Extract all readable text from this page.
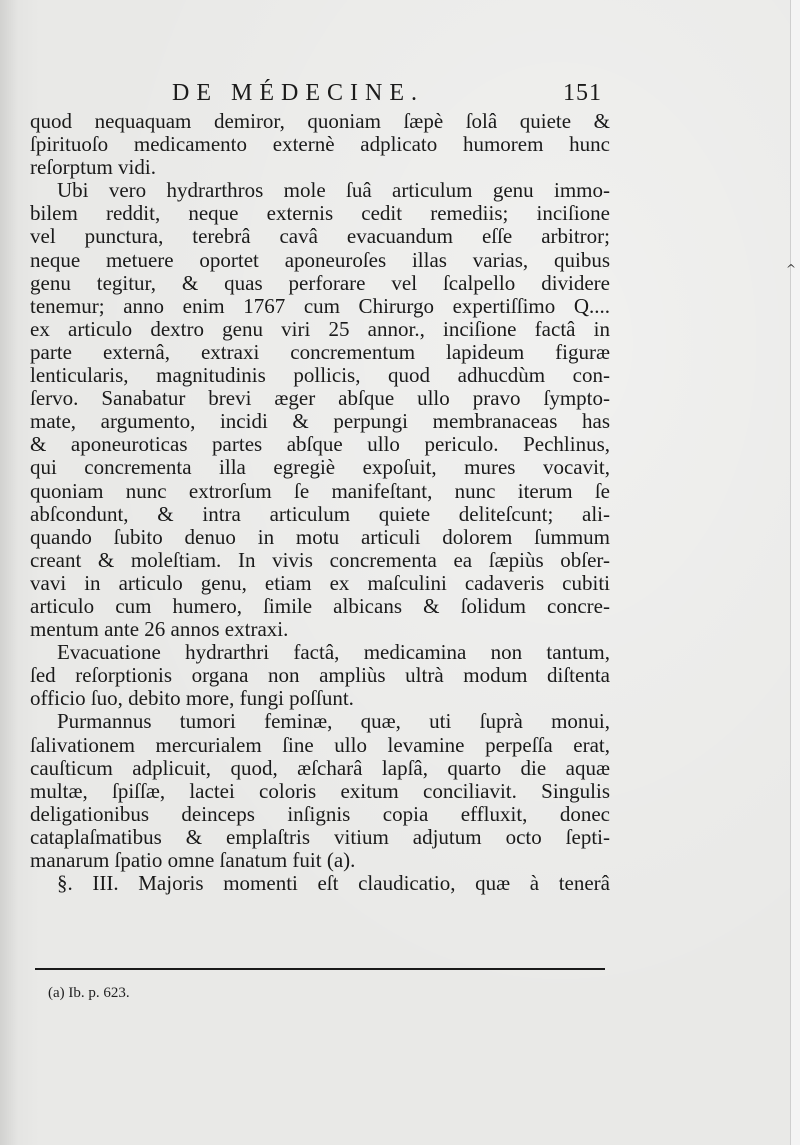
DE MÉDECINE.	151
quod nequaquam demiror, quoniam ſæpè ſolâ quiete &
ſpirituoſo medicamento externè adplicato humorem hunc
reſorptum vidi.
Ubi vero hydrarthros mole ſuâ articulum genu immo-
bilem reddit, neque externis cedit remediis; inciſione
vel punctura, terebrâ cavâ evacuandum eſſe arbitror;
neque metuere oportet aponeuroſes illas varias, quibus
genu tegitur, & quas perforare vel ſcalpello dividere
tenemur; anno enim 1767 cum Chirurgo expertiſſimo Q....
ex articulo dextro genu viri 25 annor., inciſione factâ in
parte externâ, extraxi concrementum lapideum figuræ
lenticularis, magnitudinis pollicis, quod adhucdùm con-
ſervo. Sanabatur brevi æger abſque ullo pravo ſympto-
mate, argumento, incidi & perpungi membranaceas has
& aponeuroticas partes abſque ullo periculo. Pechlinus,
qui concrementa illa egregiè expoſuit, mures vocavit,
quoniam nunc extrorſum ſe manifeſtant, nunc iterum ſe
abſcondunt, & intra articulum quiete deliteſcunt; ali-
quando ſubito denuo in motu articuli dolorem ſummum
creant & moleſtiam. In vivis concrementa ea ſæpiùs obſer-
vavi in articulo genu, etiam ex maſculini cadaveris cubiti
articulo cum humero, ſimile albicans & ſolidum concre-
mentum ante 26 annos extraxi.
Evacuatione hydrarthri factâ, medicamina non tantum,
ſed reſorptionis organa non ampliùs ultrà modum diſtenta
officio ſuo, debito more, fungi poſſunt.
Purmannus tumori feminæ, quæ, uti ſuprà monui,
ſalivationem mercurialem ſine ullo levamine perpeſſa erat,
cauſticum adplicuit, quod, æſcharâ lapſâ, quarto die aquæ
multæ, ſpiſſæ, lactei coloris exitum conciliavit. Singulis
deligationibus deinceps inſignis copia effluxit, donec
cataplaſmatibus & emplaſtris vitium adjutum octo ſepti-
manarum ſpatio omne ſanatum fuit (a).
§. III. Majoris momenti eſt claudicatio, quæ à tenerâ
(a) Ib. p. 623.
^
